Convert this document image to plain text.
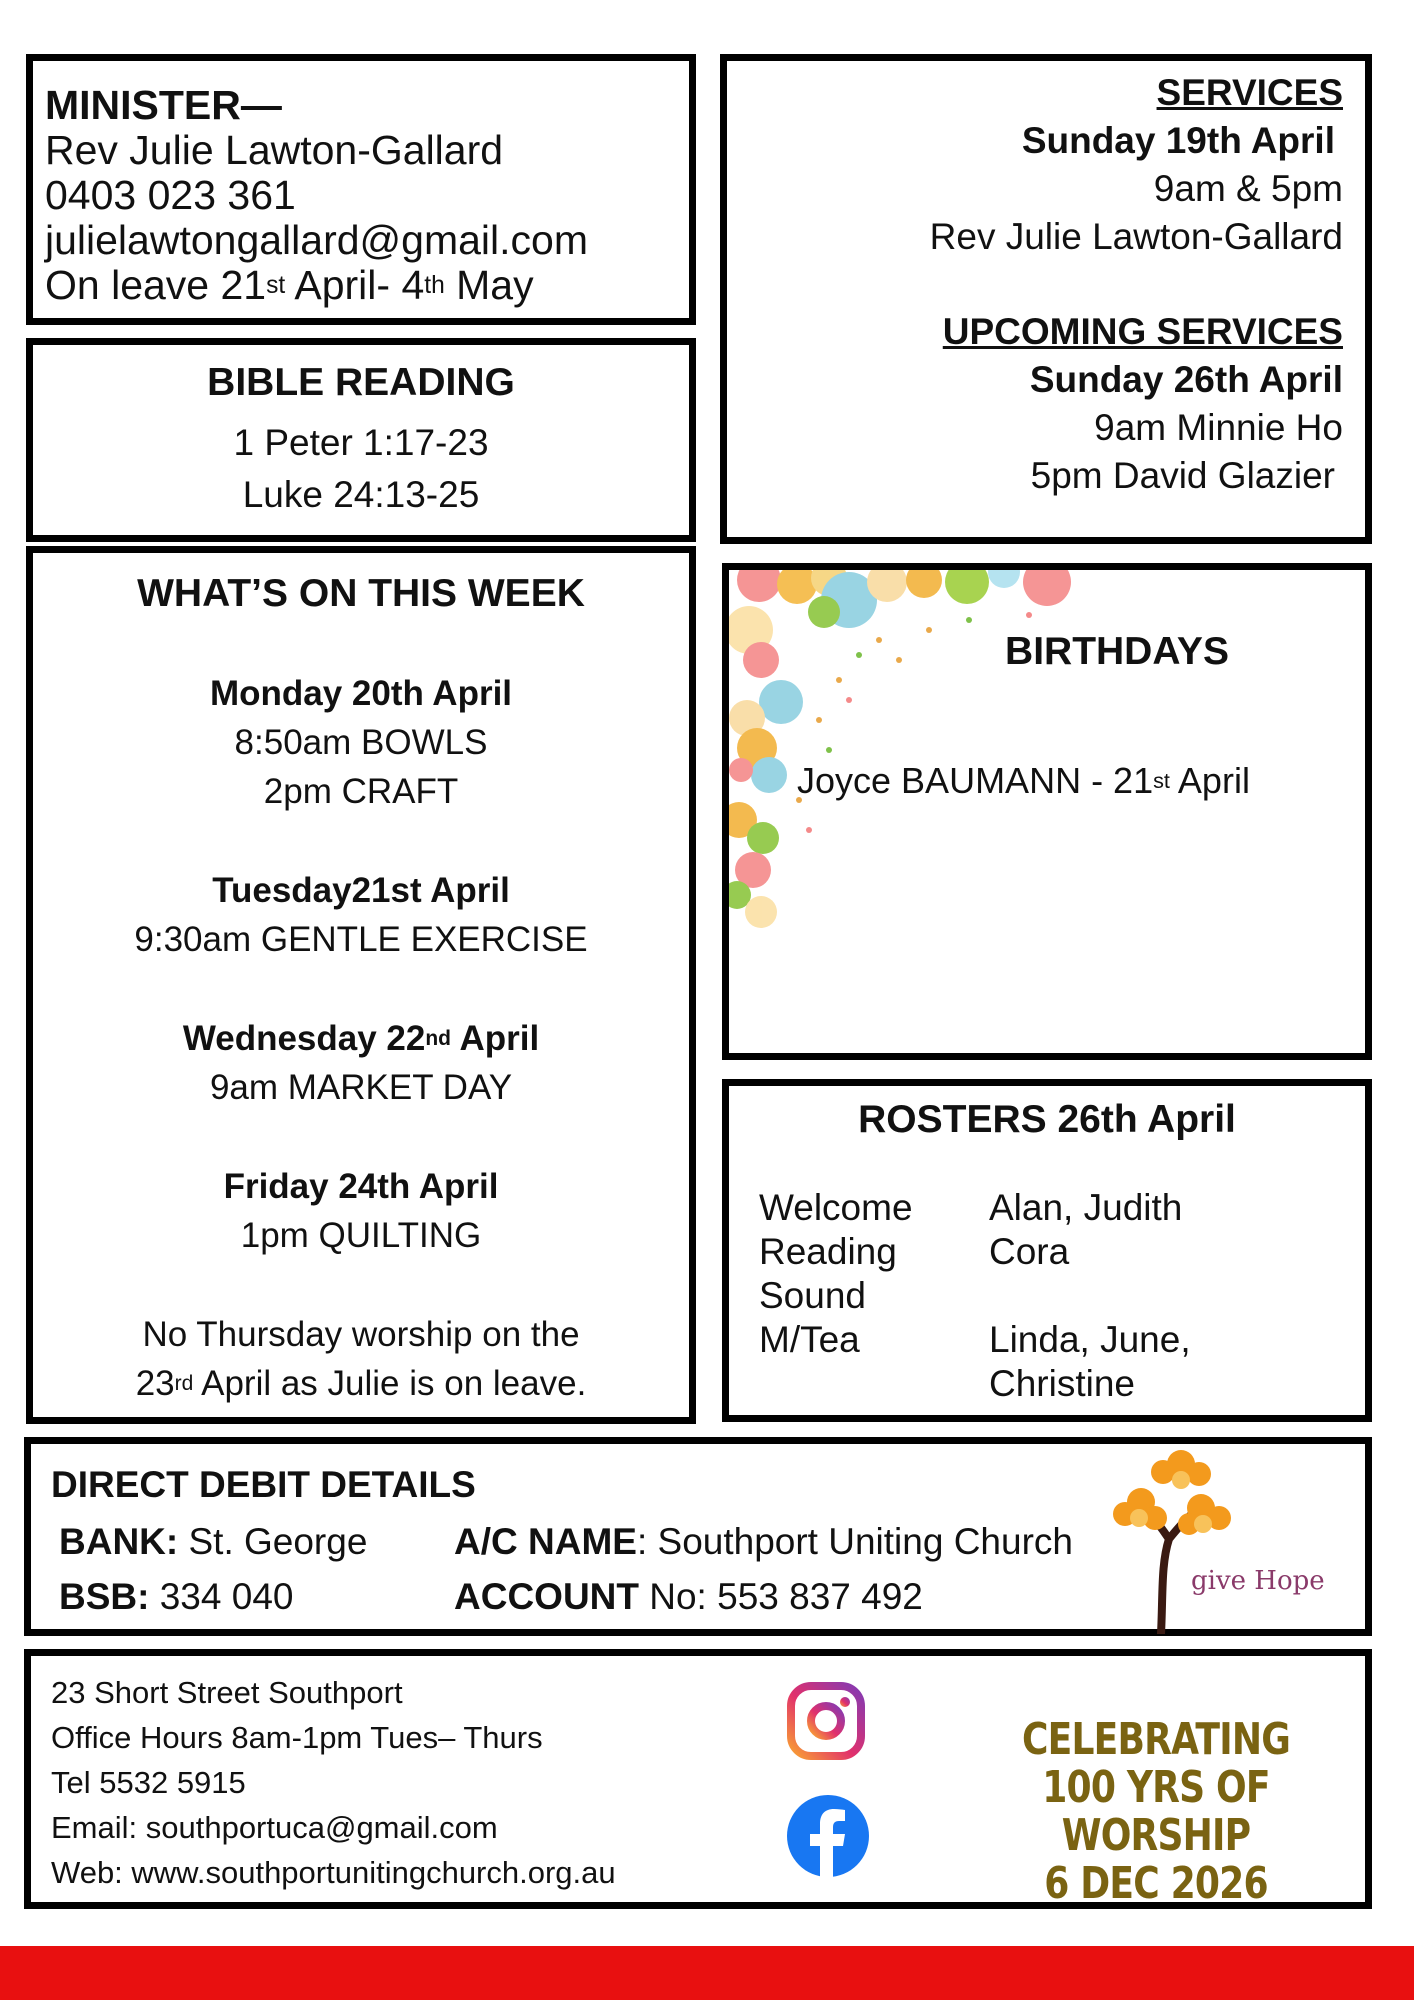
MINISTER—
Rev Julie Lawton-Gallard
0403 023 361
julielawtongallard@gmail.com
On leave 21st April- 4th May
BIBLE READING
1 Peter 1:17-23
Luke 24:13-25
WHAT’S ON THIS WEEK
Monday 20th April
8:50am BOWLS
2pm CRAFT
Tuesday21st April
9:30am GENTLE EXERCISE
Wednesday 22nd April
9am MARKET DAY
Friday 24th April
1pm QUILTING
No Thursday worship on the
23rd April as Julie is on leave.
SERVICES
Sunday 19th April
9am & 5pm
Rev Julie Lawton-Gallard
UPCOMING SERVICES
Sunday 26th April
9am Minnie Ho
5pm David Glazier
BIRTHDAYS
Joyce BAUMANN - 21st April
ROSTERS 26th April
Welcome	Alan, Judith
Reading	Cora
Sound
M/Tea	Linda, June,
Christine
DIRECT DEBIT DETAILS
BANK: St. George	A/C NAME: Southport Uniting Church
BSB: 334 040	ACCOUNT No: 553 837 492	give Hope
23 Short Street Southport
Office Hours 8am-1pm Tues– Thurs
Tel 5532 5915
Email: southportuca@gmail.com
Web: www.southportunitingchurch.org.au
CELEBRATING
100 YRS OF WORSHIP
6 DEC 2026
